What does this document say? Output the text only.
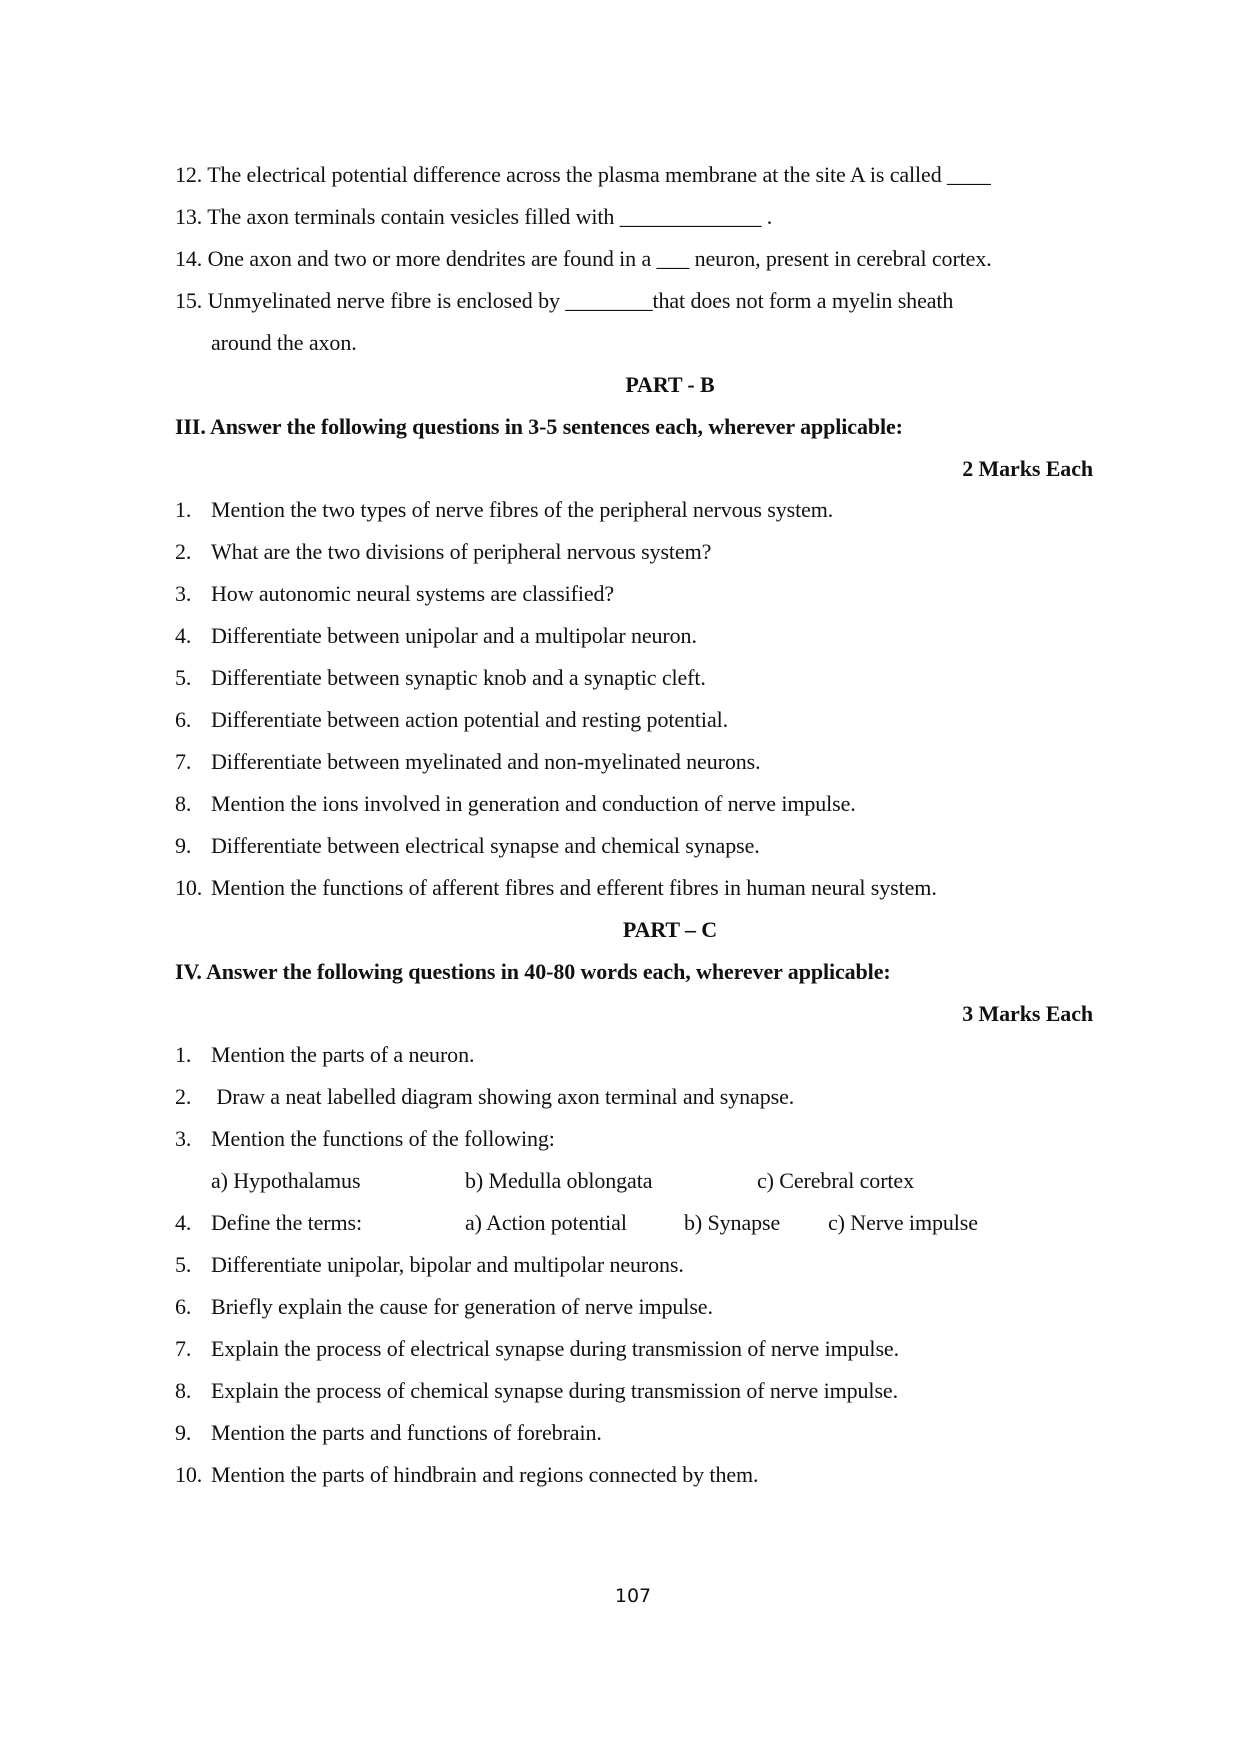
12. The electrical potential difference across the plasma membrane at the site A is called ____
13. The axon terminals contain vesicles filled with _____________ .
14. One axon and two or more dendrites are found in a ___ neuron, present in cerebral cortex.
15. Unmyelinated nerve fibre is enclosed by ________that does not form a myelin sheath
around the axon.
PART - B
III. Answer the following questions in 3-5 sentences each, wherever applicable:
2 Marks Each
1. Mention the two types of nerve fibres of the peripheral nervous system.
2. What are the two divisions of peripheral nervous system?
3. How autonomic neural systems are classified?
4. Differentiate between unipolar and a multipolar neuron.
5. Differentiate between synaptic knob and a synaptic cleft.
6. Differentiate between action potential and resting potential.
7. Differentiate between myelinated and non-myelinated neurons.
8. Mention the ions involved in generation and conduction of nerve impulse.
9. Differentiate between electrical synapse and chemical synapse.
10. Mention the functions of afferent fibres and efferent fibres in human neural system.
PART – C
IV. Answer the following questions in 40-80 words each, wherever applicable:
3 Marks Each
1. Mention the parts of a neuron.
2. Draw a neat labelled diagram showing axon terminal and synapse.
3. Mention the functions of the following:
a) Hypothalamus	b) Medulla oblongata	c) Cerebral cortex
4. Define the terms:	a) Action potential	b) Synapse c) Nerve impulse
5. Differentiate unipolar, bipolar and multipolar neurons.
6. Briefly explain the cause for generation of nerve impulse.
7. Explain the process of electrical synapse during transmission of nerve impulse.
8. Explain the process of chemical synapse during transmission of nerve impulse.
9. Mention the parts and functions of forebrain.
10. Mention the parts of hindbrain and regions connected by them.
107
